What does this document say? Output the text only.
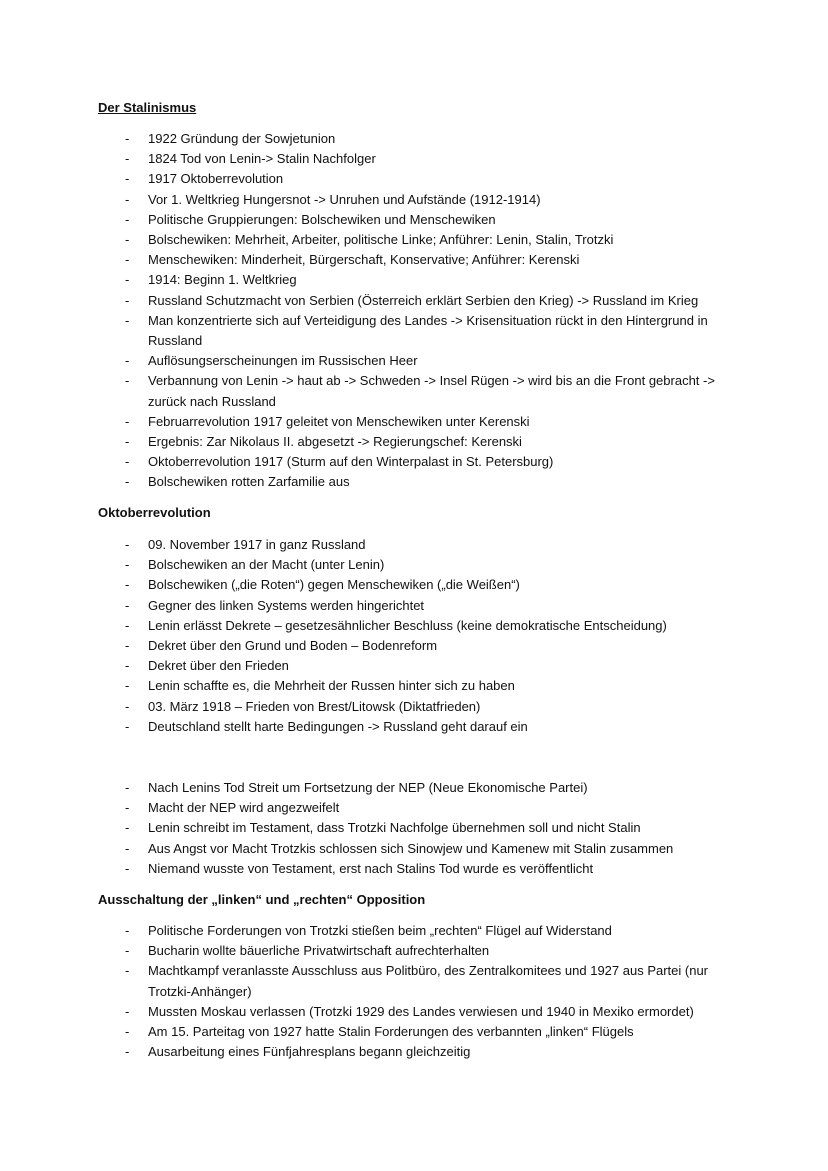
Der Stalinismus
- 1922 Gründung der Sowjetunion
- 1824 Tod von Lenin-> Stalin Nachfolger
- 1917 Oktoberrevolution
- Vor 1. Weltkrieg Hungersnot -> Unruhen und Aufstände (1912-1914)
- Politische Gruppierungen: Bolschewiken und Menschewiken
- Bolschewiken: Mehrheit, Arbeiter, politische Linke; Anführer: Lenin, Stalin, Trotzki
- Menschewiken: Minderheit, Bürgerschaft, Konservative; Anführer: Kerenski
- 1914: Beginn 1. Weltkrieg
- Russland Schutzmacht von Serbien (Österreich erklärt Serbien den Krieg) -> Russland im Krieg
- Man konzentrierte sich auf Verteidigung des Landes -> Krisensituation rückt in den Hintergrund in Russland
- Auflösungserscheinungen im Russischen Heer
- Verbannung von Lenin -> haut ab -> Schweden -> Insel Rügen -> wird bis an die Front gebracht -> zurück nach Russland
- Februarrevolution 1917 geleitet von Menschewiken unter Kerenski
- Ergebnis: Zar Nikolaus II. abgesetzt -> Regierungschef: Kerenski
- Oktoberrevolution 1917 (Sturm auf den Winterpalast in St. Petersburg)
- Bolschewiken rotten Zarfamilie aus
Oktoberrevolution
- 09. November 1917 in ganz Russland
- Bolschewiken an der Macht (unter Lenin)
- Bolschewiken („die Roten“) gegen Menschewiken („die Weißen“)
- Gegner des linken Systems werden hingerichtet
- Lenin erlässt Dekrete – gesetzesähnlicher Beschluss (keine demokratische Entscheidung)
- Dekret über den Grund und Boden – Bodenreform
- Dekret über den Frieden
- Lenin schaffte es, die Mehrheit der Russen hinter sich zu haben
- 03. März 1918 – Frieden von Brest/Litowsk (Diktatfrieden)
- Deutschland stellt harte Bedingungen -> Russland geht darauf ein
- Nach Lenins Tod Streit um Fortsetzung der NEP (Neue Ekonomische Partei)
- Macht der NEP wird angezweifelt
- Lenin schreibt im Testament, dass Trotzki Nachfolge übernehmen soll und nicht Stalin
- Aus Angst vor Macht Trotzkis schlossen sich Sinowjew und Kamenew mit Stalin zusammen
- Niemand wusste von Testament, erst nach Stalins Tod wurde es veröffentlicht
Ausschaltung der „linken“ und „rechten“ Opposition
- Politische Forderungen von Trotzki stießen beim „rechten“ Flügel auf Widerstand
- Bucharin wollte bäuerliche Privatwirtschaft aufrechterhalten
- Machtkampf veranlasste Ausschluss aus Politbüro, des Zentralkomitees und 1927 aus Partei (nur Trotzki-Anhänger)
- Mussten Moskau verlassen (Trotzki 1929 des Landes verwiesen und 1940 in Mexiko ermordet)
- Am 15. Parteitag von 1927 hatte Stalin Forderungen des verbannten „linken“ Flügels
- Ausarbeitung eines Fünfjahresplans begann gleichzeitig
